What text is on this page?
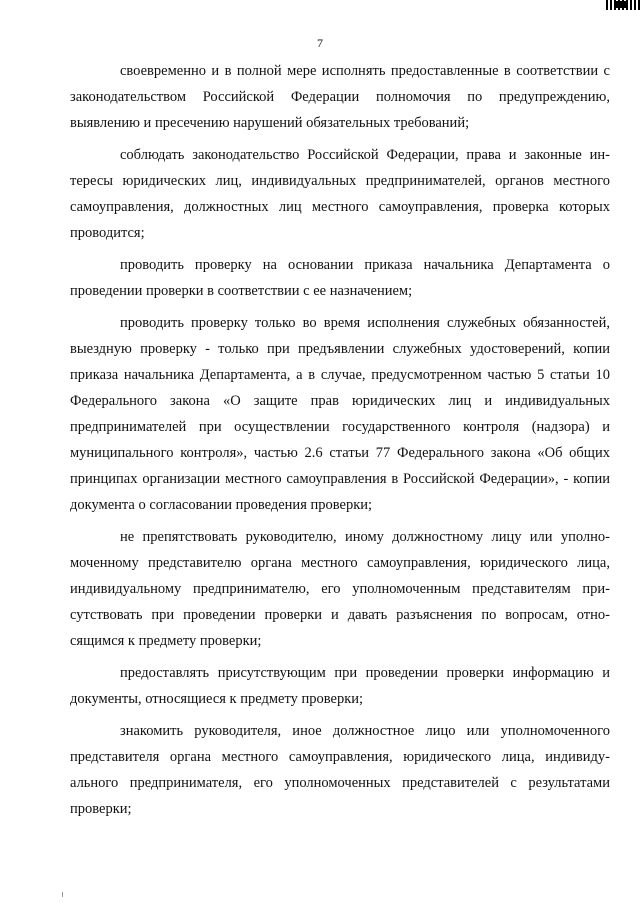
7

своевременно и в полной мере исполнять предоставленные в соответствии с законодательством Российской Федерации полномочия по предупреждению, выявлению и пресечению нарушений обязательных требований;

соблюдать законодательство Российской Федерации, права и законные интересы юридических лиц, индивидуальных предпринимателей, органов местного самоуправления, должностных лиц местного самоуправления, проверка которых проводится;

проводить проверку на основании приказа начальника Департамента о проведении проверки в соответствии с ее назначением;

проводить проверку только во время исполнения служебных обязанностей, выездную проверку - только при предъявлении служебных удостоверений, копии приказа начальника Департамента, а в случае, предусмотренном частью 5 статьи 10 Федерального закона «О защите прав юридических лиц и индивидуальных предпринимателей при осуществлении государственного контроля (надзора) и муниципального контроля», частью 2.6 статьи 77 Федерального закона «Об общих принципах организации местного самоуправления в Российской Федерации», - копии документа о согласовании проведения проверки;

не препятствовать руководителю, иному должностному лицу или уполномоченному представителю органа местного самоуправления, юридического лица, индивидуальному предпринимателю, его уполномоченным представителям присутствовать при проведении проверки и давать разъяснения по вопросам, относящимся к предмету проверки;

предоставлять присутствующим при проведении проверки информацию и документы, относящиеся к предмету проверки;

знакомить руководителя, иное должностное лицо или уполномоченного представителя органа местного самоуправления, юридического лица, индивидуального предпринимателя, его уполномоченных представителей с результатами проверки;
